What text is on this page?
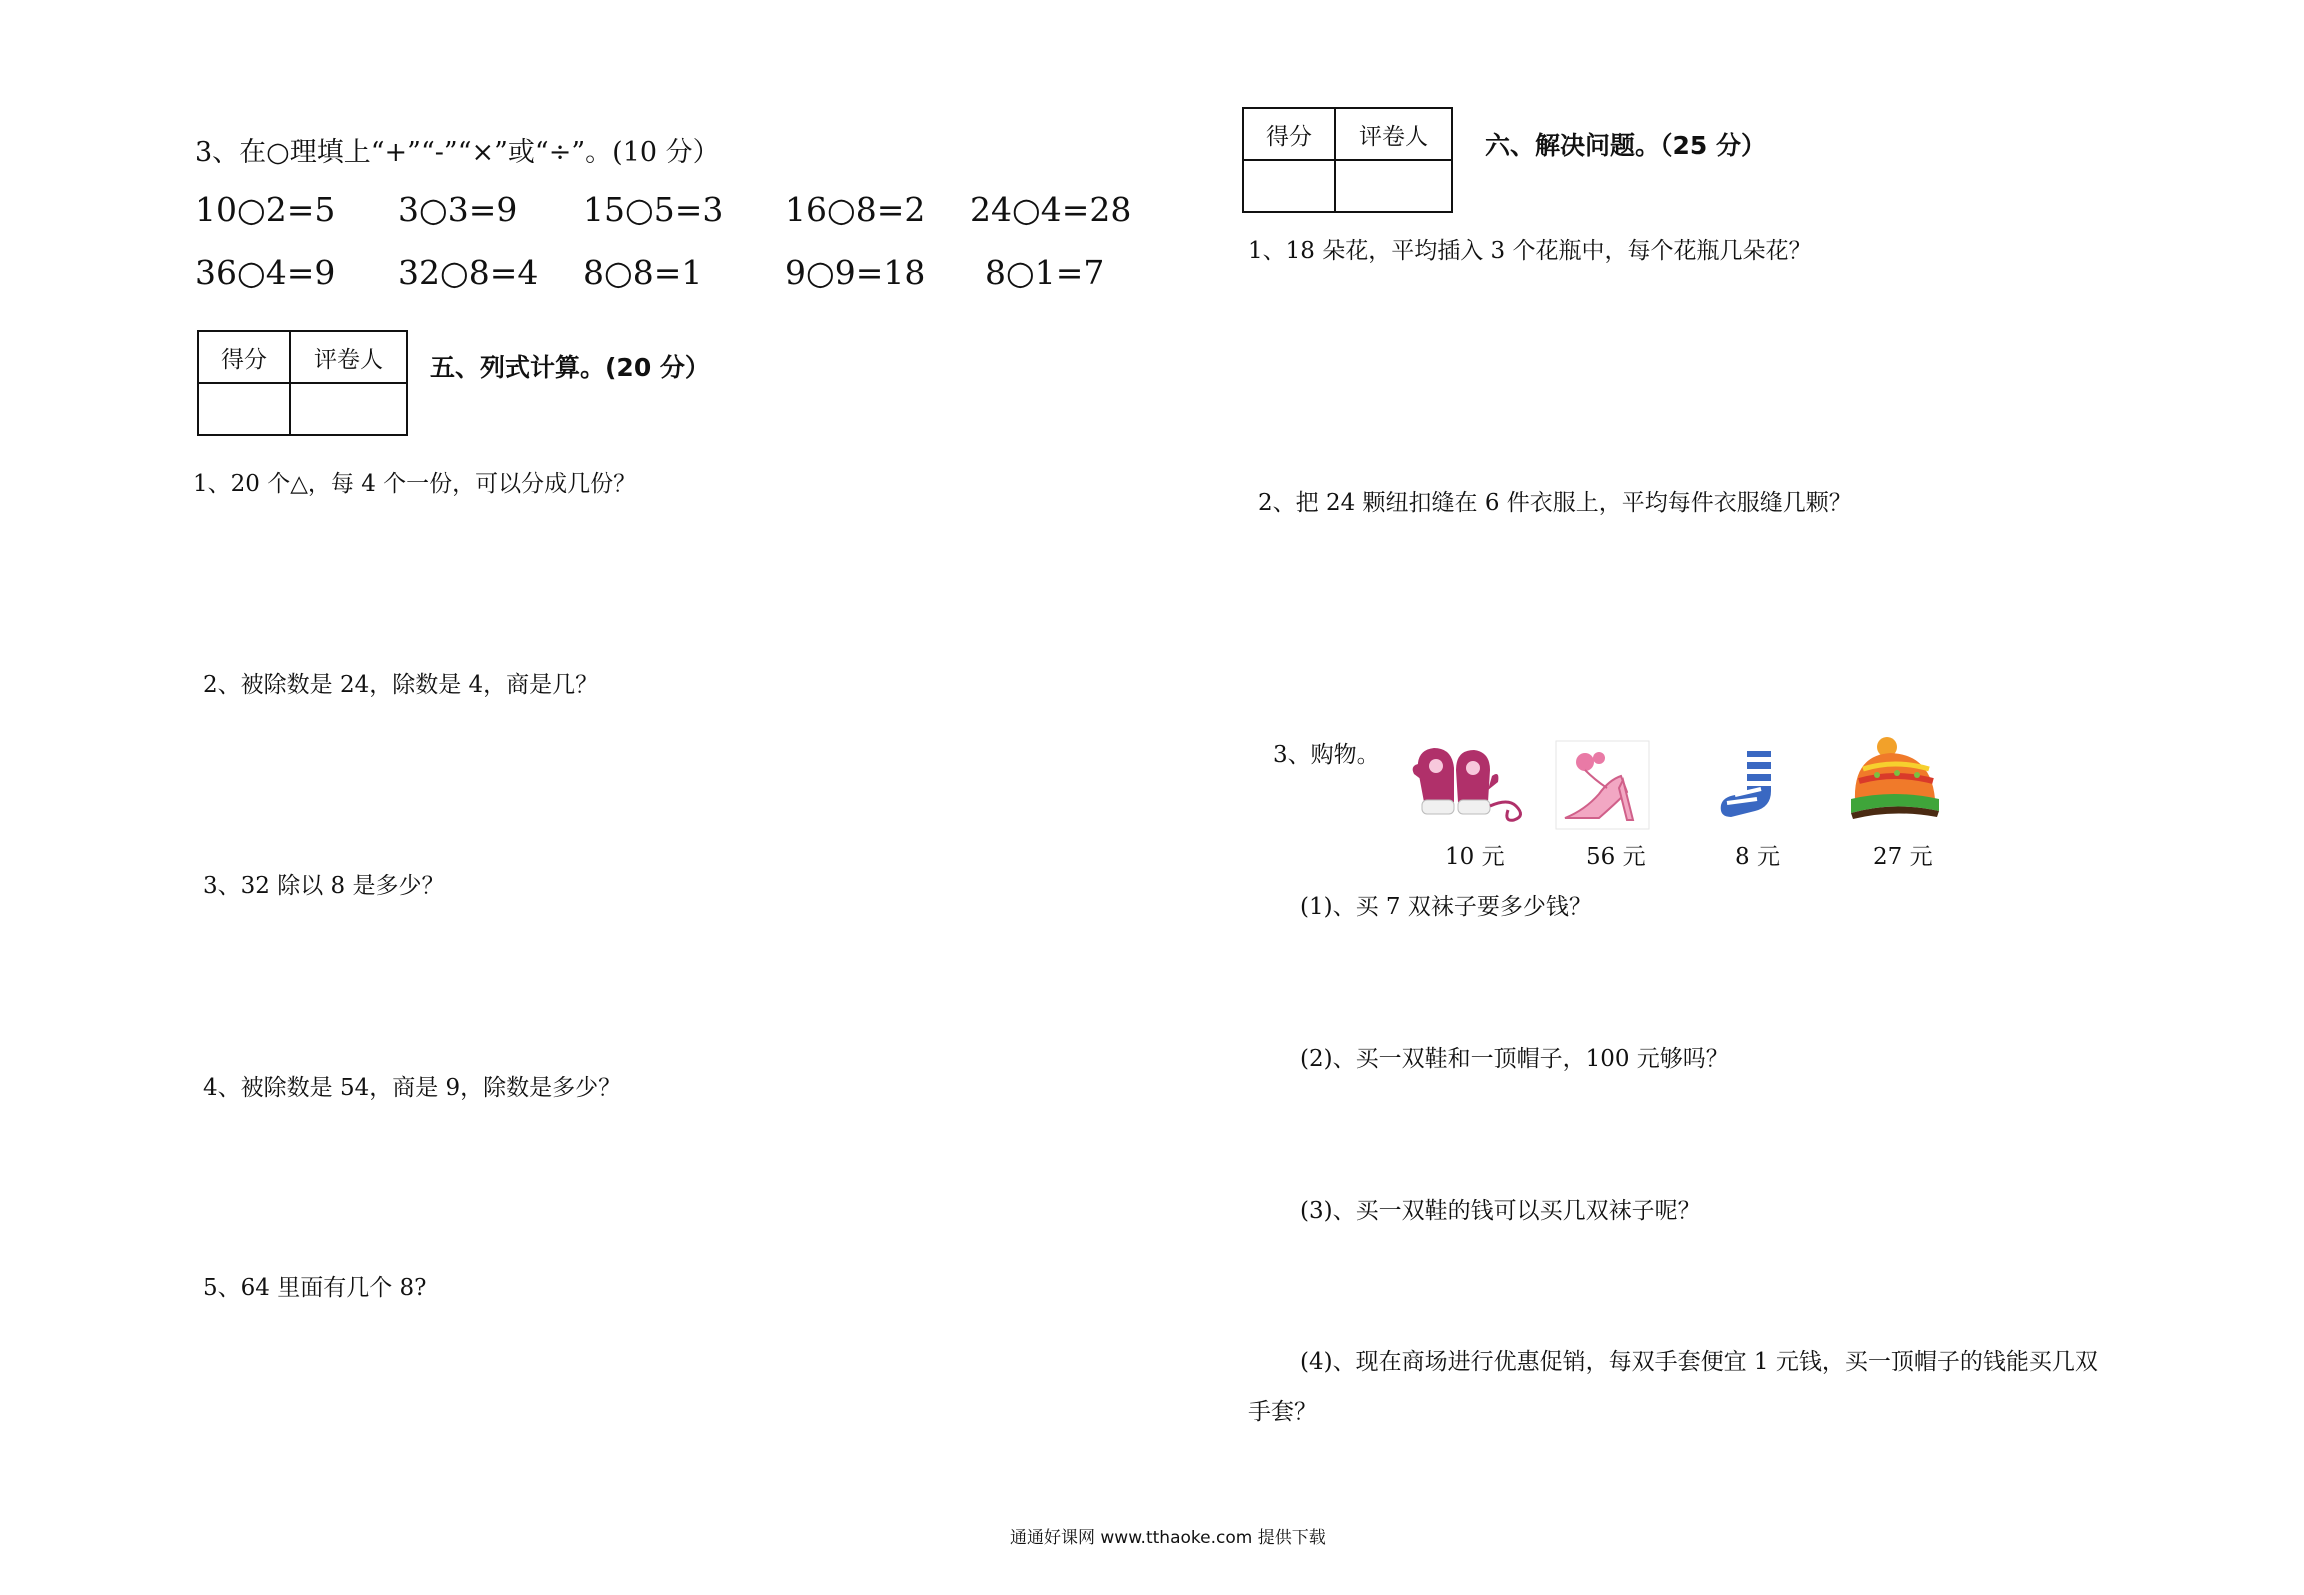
3、在○理填上“+”“-”“×”或“÷”。(10 分）
10○2=5 3○3=9 15○5=3 16○8=2 24○4=28
36○4=9 32○8=4 8○8=1	9○9=18 8○1=7
得分	评卷人
	五、列式计算。(20 分）
1、20 个△，每 4 个一份，可以分成几份？
2、被除数是 24，除数是 4，商是几？
3、32 除以 8 是多少？
4、被除数是 54，商是 9，除数是多少？
5、64 里面有几个 8?
得分	评卷人
	六、解决问题。（25 分）
1、18 朵花，平均插入 3 个花瓶中，每个花瓶几朵花？
2、把 24 颗纽扣缝在 6 件衣服上，平均每件衣服缝几颗？
3、购物。
10 元	56 元	8 元	27 元
(1)、买 7 双袜子要多少钱？
(2)、买一双鞋和一顶帽子，100 元够吗？
(3)、买一双鞋的钱可以买几双袜子呢？
(4)、现在商场进行优惠促销，每双手套便宜 1 元钱，买一顶帽子的钱能买几双
手套？
通通好课网 www.tthaoke.com 提供下载
